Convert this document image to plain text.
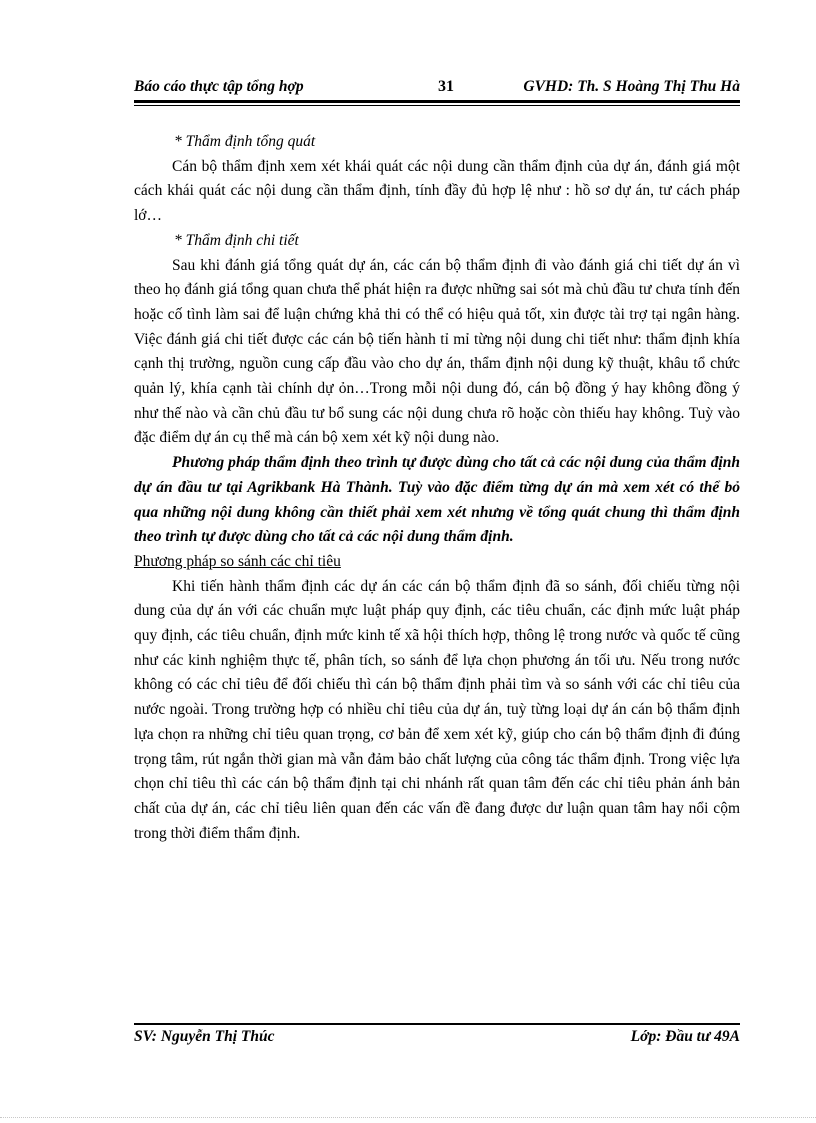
Báo cáo thực tập tổng hợp	31	GVHD: Th. S Hoàng Thị Thu Hà

* Thẩm định tổng quát

Cán bộ thẩm định xem xét khái quát các nội dung cần thẩm định của dự án, đánh giá một cách khái quát các nội dung cần thẩm định, tính đầy đủ hợp lệ như : hồ sơ dự án, tư cách pháp lớ…

* Thẩm định chi tiết

Sau khi đánh giá tổng quát dự án, các cán bộ thẩm định đi vào đánh giá chi tiết dự án vì theo họ đánh giá tổng quan chưa thể phát hiện ra được những sai sót mà chủ đầu tư chưa tính đến hoặc cố tình làm sai để luận chứng khả thi có thể có hiệu quả tốt, xin được tài trợ tại ngân hàng. Việc đánh giá chi tiết được các cán bộ tiến hành tỉ mỉ từng nội dung chi tiết như: thẩm định khía cạnh thị trường, nguồn cung cấp đầu vào cho dự án, thẩm định nội dung kỹ thuật, khâu tổ chức quản lý, khía cạnh tài chính dự ỏn…Trong mỗi nội dung đó, cán bộ đồng ý hay không đồng ý như thế nào và cần chủ đầu tư bổ sung các nội dung chưa rõ hoặc còn thiếu hay không. Tuỳ vào đặc điểm dự án cụ thể mà cán bộ xem xét kỹ nội dung nào.

Phương pháp thẩm định theo trình tự được dùng cho tất cả các nội dung của thẩm định dự án đầu tư tại Agrikbank Hà Thành. Tuỳ vào đặc điểm từng dự án mà xem xét có thể bỏ qua những nội dung không cần thiết phải xem xét nhưng về tổng quát chung thì thẩm định theo trình tự được dùng cho tất cả các nội dung thẩm định.

Phương pháp so sánh các chỉ tiêu

Khi tiến hành thẩm định các dự án các cán bộ thẩm định đã so sánh, đối chiếu từng nội dung của dự án với các chuẩn mực luật pháp quy định, các tiêu chuẩn, các định mức luật pháp quy định, các tiêu chuẩn, định mức kinh tế xã hội thích hợp, thông lệ trong nước và quốc tế cũng như các kinh nghiệm thực tế, phân tích, so sánh để lựa chọn phương án tối ưu. Nếu trong nước không có các chỉ tiêu để đối chiếu thì cán bộ thẩm định phải tìm và so sánh với các chỉ tiêu của nước ngoài. Trong trường hợp có nhiều chỉ tiêu của dự án, tuỳ từng loại dự án cán bộ thẩm định lựa chọn ra những chỉ tiêu quan trọng, cơ bản để xem xét kỹ, giúp cho cán bộ thẩm định đi đúng trọng tâm, rút ngắn thời gian mà vẫn đảm bảo chất lượng của công tác thẩm định. Trong việc lựa chọn chỉ tiêu thì các cán bộ thẩm định tại chi nhánh rất quan tâm đến các chỉ tiêu phản ánh bản chất của dự án, các chỉ tiêu liên quan đến các vấn đề đang được dư luận quan tâm hay nổi cộm trong thời điểm thẩm định.

SV: Nguyễn Thị Thúc	Lớp: Đầu tư 49A
